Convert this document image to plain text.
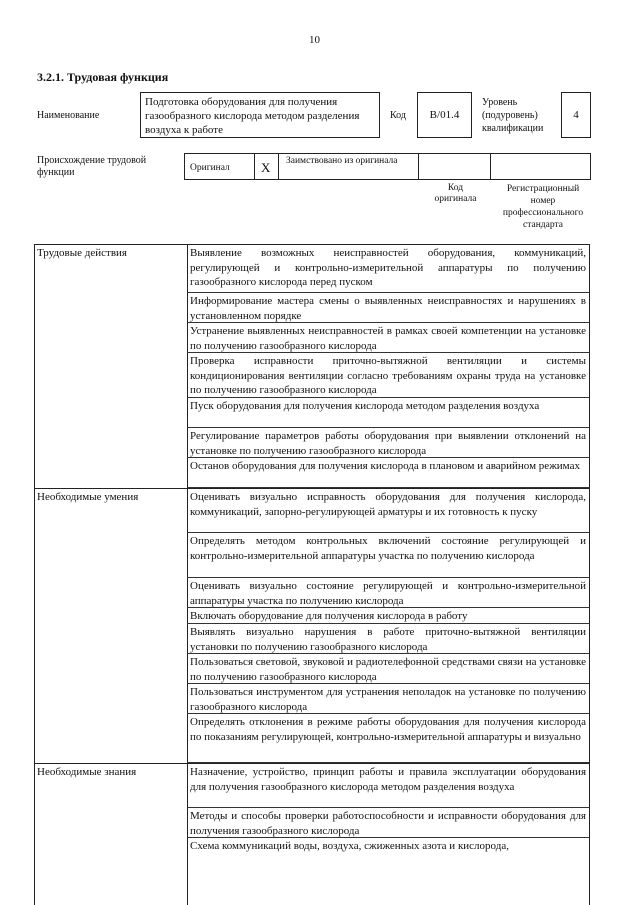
10
3.2.1. Трудовая функция
Наименование
Подготовка оборудования для получения газообразного кислорода методом разделения воздуха к работе
Код	B/01.4
Уровень (подуровень) квалификации
4
Происхождение трудовой функции	Оригинал X Заимствовано из оригинала
Код оригинала
Регистрационный номер профессионального стандарта
Трудовые действия
Необходимые умения
Необходимые знания
Выявление возможных неисправностей оборудования, коммуникаций, регулирующей и контрольно-измерительной аппаратуры по получению газообразного кислорода перед пуском
Информирование мастера смены о выявленных неисправностях и нарушениях в установленном порядке
Устранение выявленных неисправностей в рамках своей компетенции на установке по получению газообразного кислорода
Проверка исправности приточно-вытяжной вентиляции и системы кондиционирования вентиляции согласно требованиям охраны труда на установке по получению газообразного кислорода
Пуск оборудования для получения кислорода методом разделения воздуха
Регулирование параметров работы оборудования при выявлении отклонений на установке по получению газообразного кислорода
Останов оборудования для получения кислорода в плановом и аварийном режимах
Оценивать визуально исправность оборудования для получения кислорода, коммуникаций, запорно-регулирующей арматуры и их готовность к пуску
Определять методом контрольных включений состояние регулирующей и контрольно-измерительной аппаратуры участка по получению кислорода
Оценивать визуально состояние регулирующей и контрольно-измерительной аппаратуры участка по получению кислорода
Включать оборудование для получения кислорода в работу
Выявлять визуально нарушения в работе приточно-вытяжной вентиляции установки по получению газообразного кислорода
Пользоваться световой, звуковой и радиотелефонной средствами связи на установке по получению газообразного кислорода
Пользоваться инструментом для устранения неполадок на установке по получению газообразного кислорода
Определять отклонения в режиме работы оборудования для получения кислорода по показаниям регулирующей, контрольно-измерительной аппаратуры и визуально
Назначение, устройство, принцип работы и правила эксплуатации оборудования для получения газообразного кислорода методом разделения воздуха
Методы и способы проверки работоспособности и исправности оборудования для получения газообразного кислорода
Схема коммуникаций воды, воздуха, сжиженных азота и кислорода,
